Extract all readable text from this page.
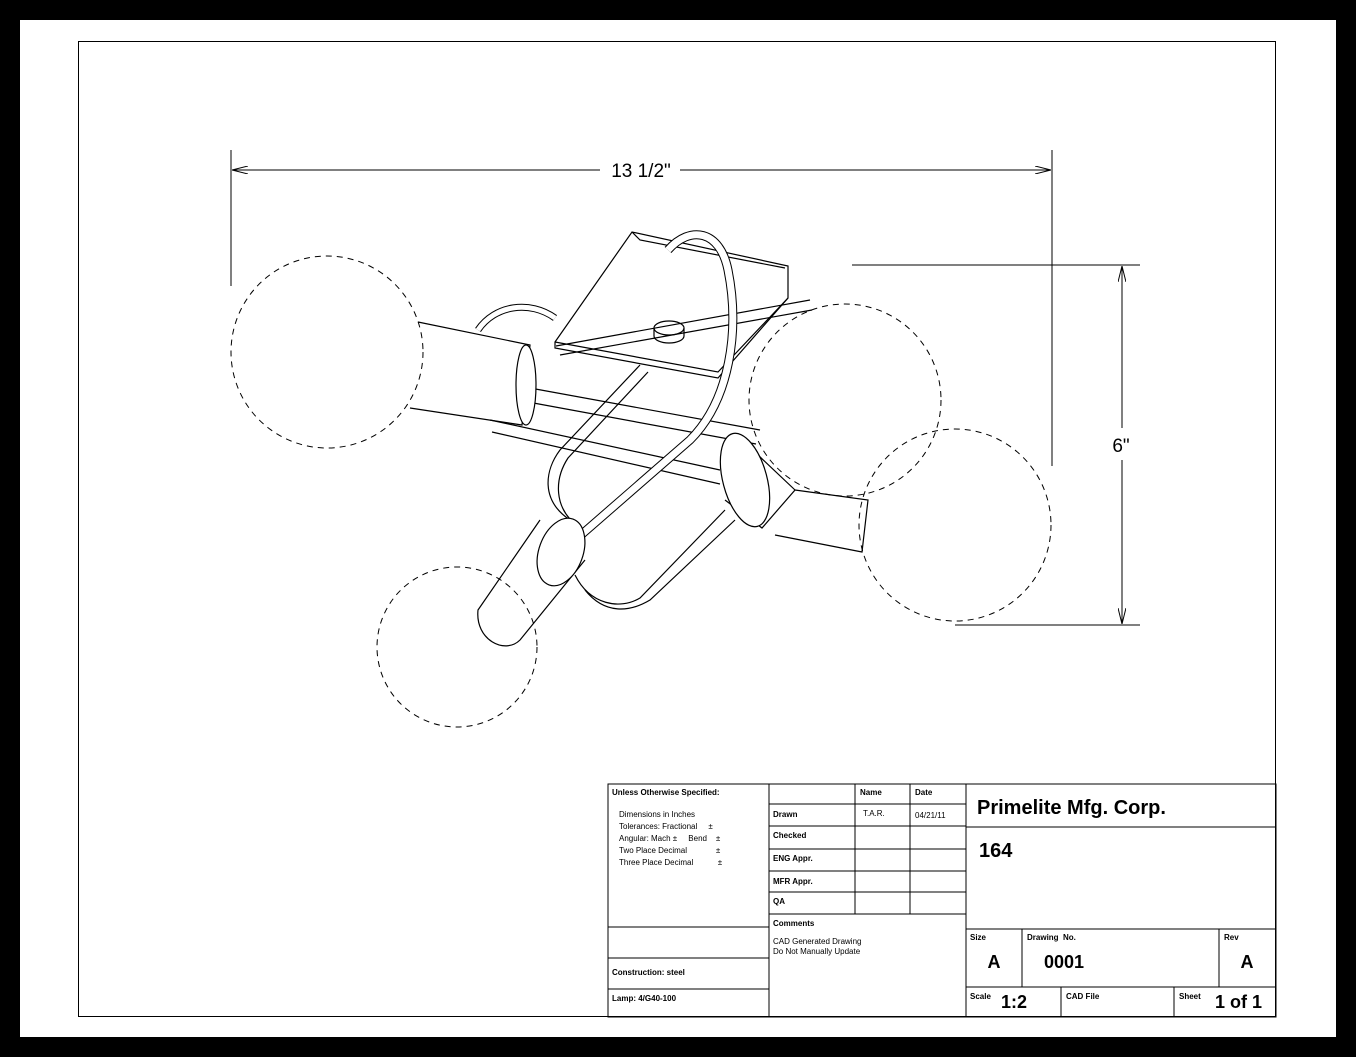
13 1/2"
6"
Unless Otherwise Specified:
Dimensions in Inches
Tolerances: Fractional     ±
Angular: Mach ±     Bend    ±
Two Place Decimal             ±
Three Place Decimal           ±
Construction: steel
Lamp: 4/G40-100
Name	Date
Drawn	T.A.R.	04/21/11
Checked
ENG Appr.
MFR Appr.
QA
Comments
CAD Generated Drawing
Do Not Manually Update
Primelite Mfg. Corp.
164
Size
A
Drawing  No.
0001
Rev
A
Scale 1:2	CAD File	Sheet 1 of 1
